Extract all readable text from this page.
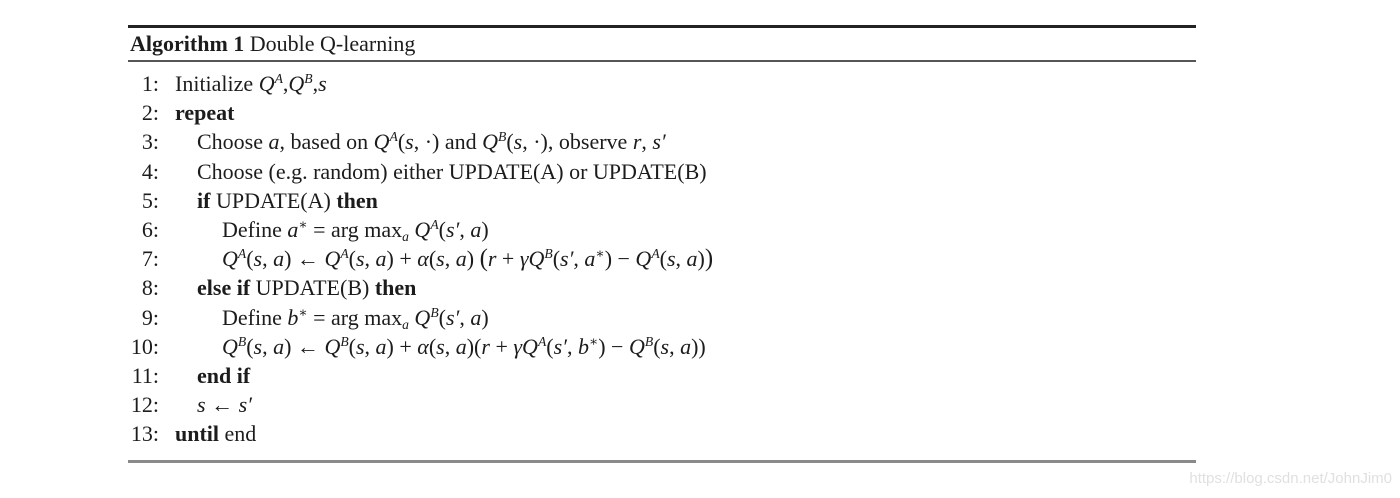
Algorithm 1 Double Q-learning
1: Initialize $Q^A,Q^B,s$
2: repeat
3:	Choose a, based on $Q^A(s$, ·) and $Q^B(s$, ·), observe r, s′
4:	Choose (e.g. random) either UPDATE(A) or UPDATE(B)
5:	if UPDATE(A) then
6:	Define a∗ = arg $\max_a Q^A(s'$, a)
7:	$Q^A(s$, a) ← $Q^A(s$, a) + α(s, a) ($r + \gamma Q^B(s'$, $a^∗) - Q^A(s$, a))
8:	else if UPDATE(B) then
9:	Define b∗ = arg $\max_a Q^B(s'$, a)
10:	$Q^B(s$, a) ← $Q^B(s$, a) + α(s, $a)(r + \gamma Q^A(s'$, $b^∗) - Q^B(s$, a))
11:	end if
12:	s ← s′
13: until end
https://blog.csdn.net/JohnJim0
